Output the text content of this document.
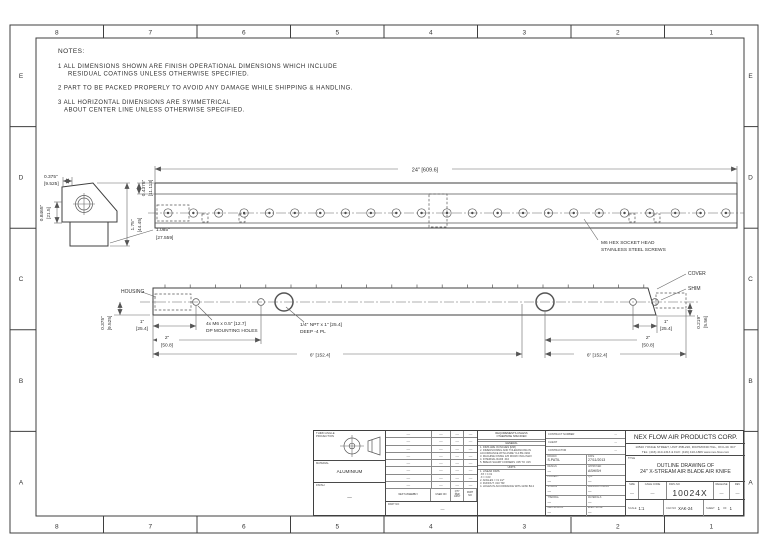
8
8
7
7
6
6
5
5
4
4
3
3
2
2
1
1
E	E
D	D
C	C
B	B
A	A
NOTES:
1 ALL DIMENSIONS SHOWN ARE FINISH OPERATIONAL DIMENSIONS WHICH INCLUDE
RESIDUAL COATINGS UNLESS OTHERWISE SPECIFIED.
2 PART TO BE PACKED PROPERLY TO AVOID ANY DAMAGE WHILE SHIPPING & HANDLING.
3 ALL HORIZONTAL DIMENSIONS ARE SYMMETRICAL
ABOUT CENTER LINE UNLESS OTHERWISE SPECIFIED.
0.375"
[9.525]
1.75" [44.45]	1.085"
[27.559]
0.8465" [21.5]
24" [609.6]
0.4375" [11.113]
M6 HEX SOCKET HEAD
STAINLESS STEEL SCREWS
HOUSING
COVER
SHIM
0.375" [9.525]	1"
[25.4]
2"
[50.8]
6" [152.4]
1"
[25.4]
0.219" [5.56]
2"
[50.8]
6" [152.4]
4x M6 x 0.5" [12.7]
DP MOUNTING HOLES
1/4" NPT x 1" [25.4]
DEEP -4 PL
THIRD ANGLE
PROJECTION
MATERIAL
ALUMINIUM
FINISH
—
—	—	—	—
—	—	—	—
—	—	—	—
—	—	—	—
—	—	—	—
—	—	—	—
—	—	—	—
—	—	—	—
NEXT ASSEMBLY	USED ON
QTY PER ASSY
PART NO
PART NO
—
REQUIREMENTS-UNLESS
OTHERWISE SPECIFIED
GENERAL
1. DIMS ARE IN INCHES [MM]
2. DIMENSIONING AND TOLERANCING IN ACCORDANCE WITH ASME Y14.5M-1994
3. MACHINE FINISH 125 MICRO INCH MAX
4. INTERNAL RADII .010
5. BREAK SHARP CORNERS .005 TO .015
UNITS
1. LINEAR DIMS.
.XX = ±.01
.X = ±.03
2. ANGLES = ±1 1/2°
3. RUNOUT .010 TIR
4. HOLES IN ACCORDANCE WITH ANSI B4.2
CONTRACT NUMBER	—
CLIENT	—
CONTRACTOR	—
DRAWN
S.PATIL
DATE
27/11/2013
DESIGN
—
APPROVED
ASHISH
PROJECT
—
Q.A.
—
STRESS
—
MANUFACTURING
—
THERMAL
—
MATERIALS
—
MECHANICAL
—
ELECTRICAL
—
NEX FLOW AIR PRODUCTS CORP.
10520 YONGE STREET, UNIT 35B-220, RICHMOND HILL, ON L4C 3C7
TEL: (416) 410-1313 & FAX: (416) 410-1806 www.nex-flow.com
TITLE
OUTLINE DRAWING OF
24" X-STREAM AIR BLADE AIR KNIFE
SIZE
—
CAGE CODE
—
DWG NO
10024X
RELEASE
—
REV
—
SCALE 1:1	CAD NO XAK-24	SHEET 1 OF 1
